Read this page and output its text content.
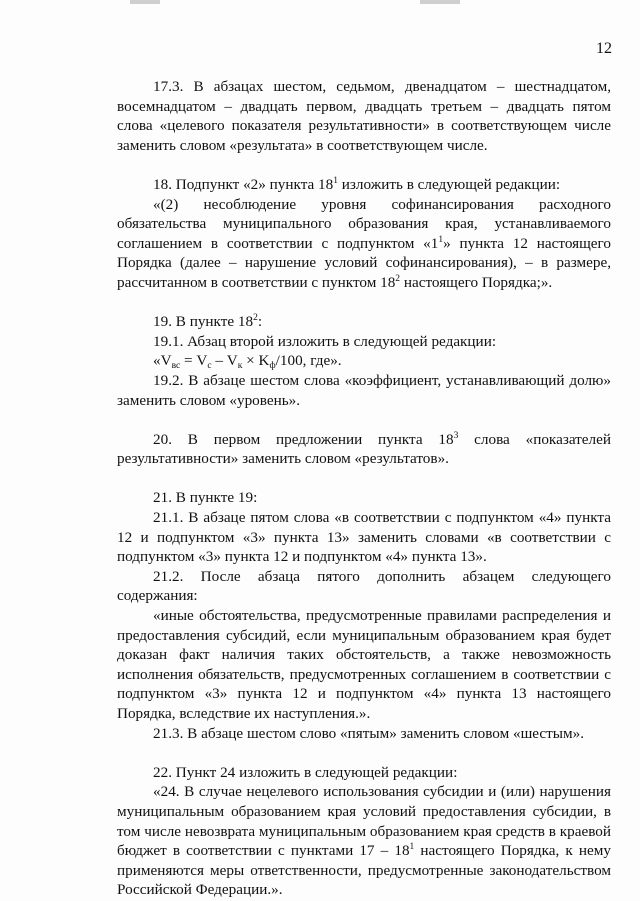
12

17.3. В абзацах шестом, седьмом, двенадцатом – шестнадцатом, восемнадцатом – двадцать первом, двадцать третьем – двадцать пятом слова «целевого показателя результативности» в соответствующем числе заменить словом «результата» в соответствующем числе.

18. Подпункт «2» пункта $18^1$ изложить в следующей редакции:

«(2) несоблюдение уровня софинансирования расходного обязательства муниципального образования края, устанавливаемого соглашением в соответствии с подпунктом «$1^1$» пункта 12 настоящего Порядка (далее – нарушение условий софинансирования), – в размере, рассчитанном в соответствии с пунктом $18^2$ настоящего Порядка;».

19. В пункте $18^2$:

19.1. Абзац второй изложить в следующей редакции:

«$V_{вс} = V_с - V_к \times K_ф/100$, где».

19.2. В абзаце шестом слова «коэффициент, устанавливающий долю» заменить словом «уровень».

20. В первом предложении пункта $18^3$ слова «показателей результативности» заменить словом «результатов».

21. В пункте 19:

21.1. В абзаце пятом слова «в соответствии с подпунктом «4» пункта 12 и подпунктом «3» пункта 13» заменить словами «в соответствии с подпунктом «3» пункта 12 и подпунктом «4» пункта 13».

21.2. После абзаца пятого дополнить абзацем следующего содержания:

«иные обстоятельства, предусмотренные правилами распределения и предоставления субсидий, если муниципальным образованием края будет доказан факт наличия таких обстоятельств, а также невозможность исполнения обязательств, предусмотренных соглашением в соответствии с подпунктом «3» пункта 12 и подпунктом «4» пункта 13 настоящего Порядка, вследствие их наступления.».

21.3. В абзаце шестом слово «пятым» заменить словом «шестым».

22. Пункт 24 изложить в следующей редакции:

«24. В случае нецелевого использования субсидии и (или) нарушения муниципальным образованием края условий предоставления субсидии, в том числе невозврата муниципальным образованием края средств в краевой бюджет в соответствии с пунктами $17 - 18^1$ настоящего Порядка, к нему применяются меры ответственности, предусмотренные законодательством Российской Федерации.».
